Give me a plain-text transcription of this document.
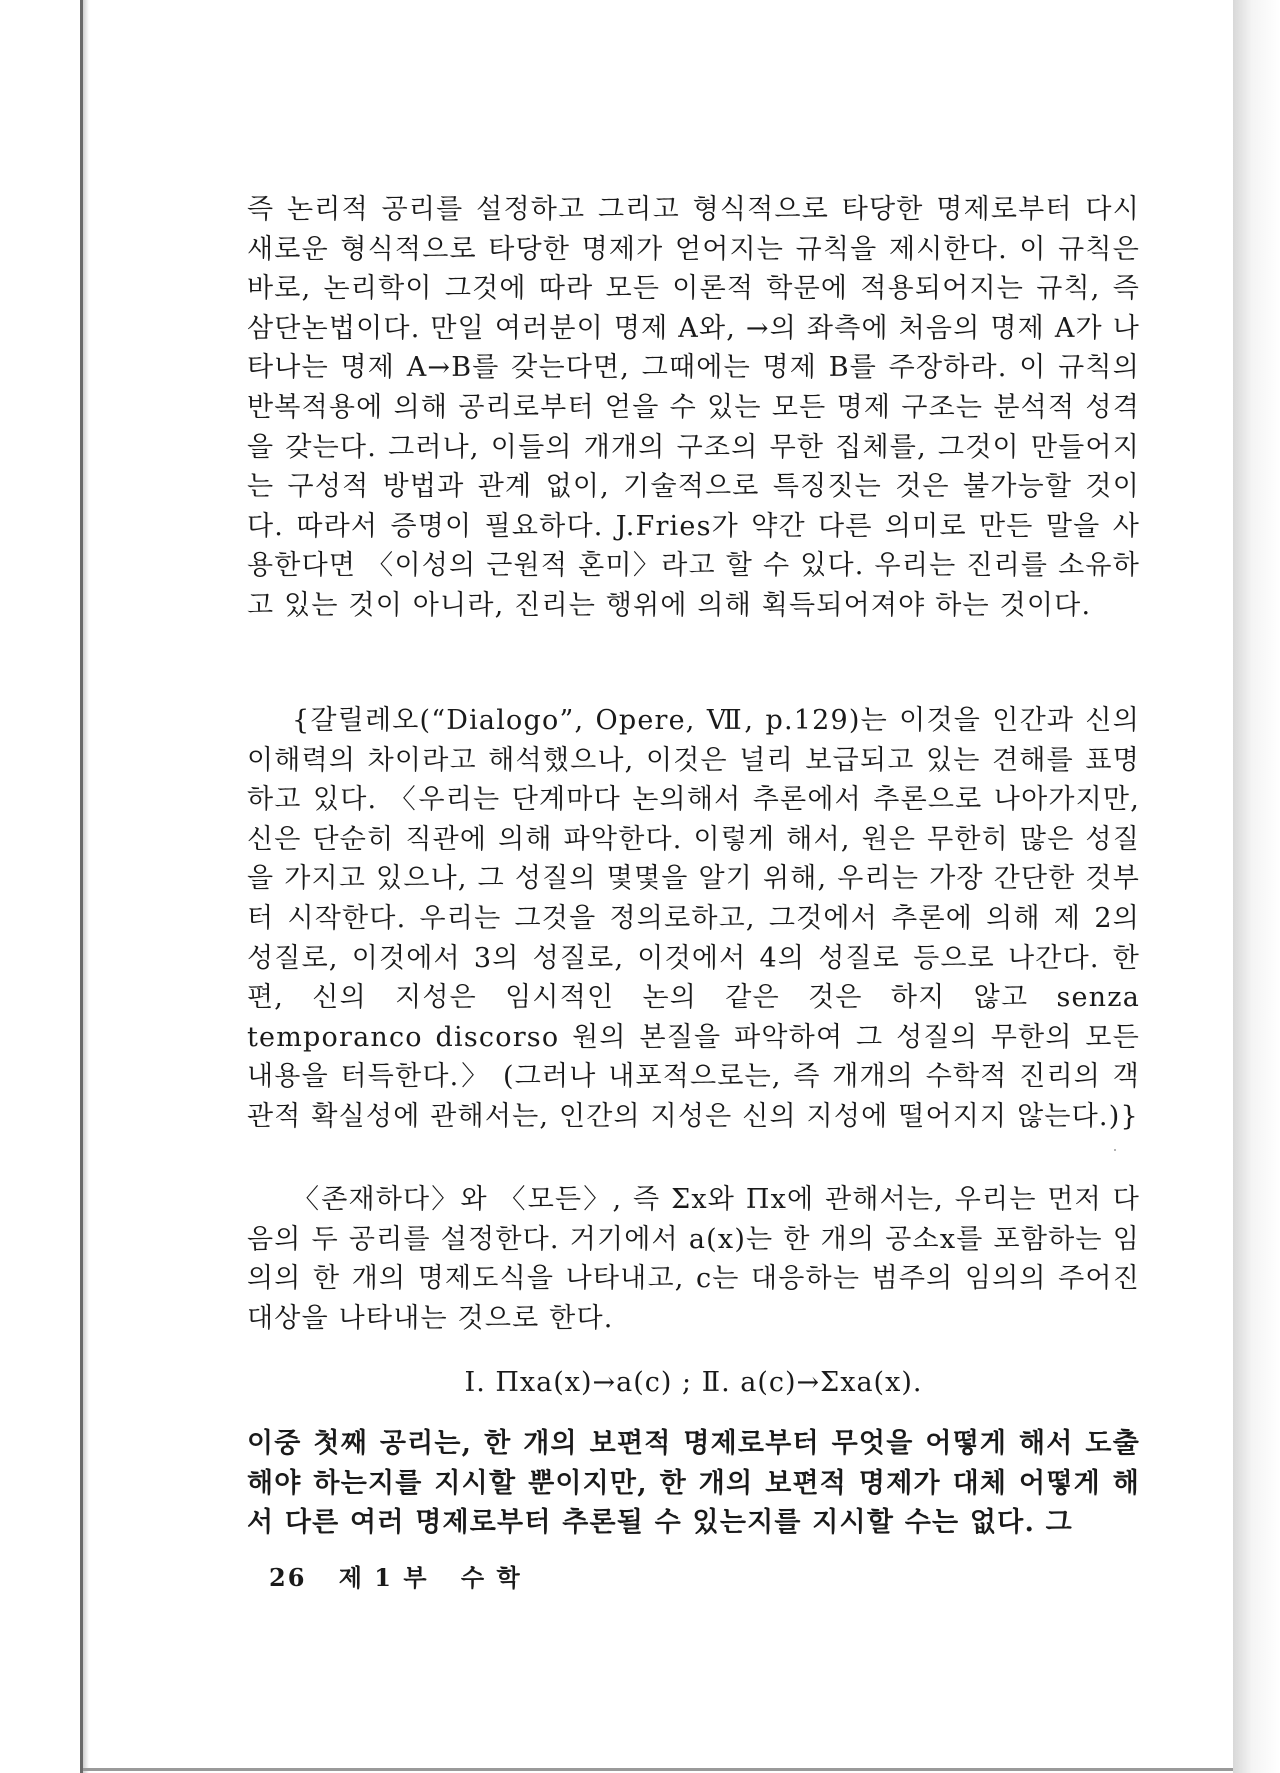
즉 논리적 공리를 설정하고 그리고 형식적으로 타당한 명제로부터 다시 새로운 형식적으로 타당한 명제가 얻어지는 규칙을 제시한다. 이 규칙은 바로, 논리학이 그것에 따라 모든 이론적 학문에 적용되어지는 규칙, 즉 삼단논법이다. 만일 여러분이 명제 A와, →의 좌측에 처음의 명제 A가 나타나는 명제 A→B를 갖는다면, 그때에는 명제 B를 주장하라. 이 규칙의 반복적용에 의해 공리로부터 얻을 수 있는 모든 명제 구조는 분석적 성격을 갖는다. 그러나, 이들의 개개의 구조의 무한 집체를, 그것이 만들어지는 구성적 방법과 관계 없이, 기술적으로 특징짓는 것은 불가능할 것이다. 따라서 증명이 필요하다. J.Fries가 약간 다른 의미로 만든 말을 사용한다면 〈이성의 근원적 혼미〉라고 할 수 있다. 우리는 진리를 소유하고 있는 것이 아니라, 진리는 행위에 의해 획득되어져야 하는 것이다.

{갈릴레오(“Dialogo”, Opere, Ⅶ, p.129)는 이것을 인간과 신의 이해력의 차이라고 해석했으나, 이것은 널리 보급되고 있는 견해를 표명하고 있다. 〈우리는 단계마다 논의해서 추론에서 추론으로 나아가지만, 신은 단순히 직관에 의해 파악한다. 이렇게 해서, 원은 무한히 많은 성질을 가지고 있으나, 그 성질의 몇몇을 알기 위해, 우리는 가장 간단한 것부터 시작한다. 우리는 그것을 정의로하고, 그것에서 추론에 의해 제 2의 성질로, 이것에서 3의 성질로, 이것에서 4의 성질로 등으로 나간다. 한편, 신의 지성은 임시적인 논의 같은 것은 하지 않고 senza temporanco discorso 원의 본질을 파악하여 그 성질의 무한의 모든 내용을 터득한다.〉 (그러나 내포적으로는, 즉 개개의 수학적 진리의 객관적 확실성에 관해서는, 인간의 지성은 신의 지성에 떨어지지 않는다.)}

〈존재하다〉와 〈모든〉, 즉 Σx와 Πx에 관해서는, 우리는 먼저 다음의 두 공리를 설정한다. 거기에서 a(x)는 한 개의 공소x를 포함하는 임의의 한 개의 명제도식을 나타내고, c는 대응하는 범주의 임의의 주어진 대상을 나타내는 것으로 한다.

Ⅰ. Πxa(x)→a(c) ; Ⅱ. a(c)→Σxa(x).

이중 첫째 공리는, 한 개의 보편적 명제로부터 무엇을 어떻게 해서 도출해야 하는지를 지시할 뿐이지만, 한 개의 보편적 명제가 대체 어떻게 해서 다른 여러 명제로부터 추론될 수 있는지를 지시할 수는 없다. 그

26 제 1 부 수 학
